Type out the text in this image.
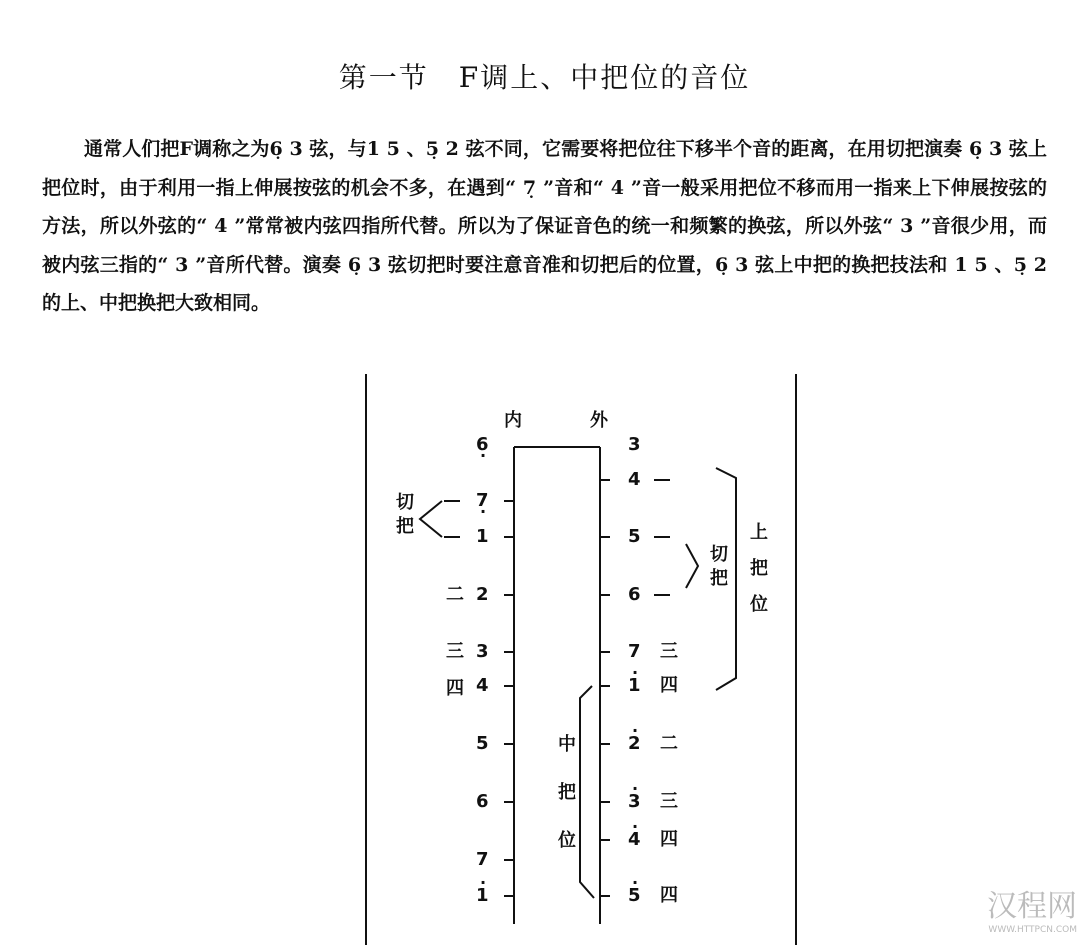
第一节　F调上、中把位的音位

通常人们把F调称之为6̣ 3 弦，与1 5 、5̣ 2 弦不同，它需要将把位往下移半个音的距离，在用切把演奏 6̣ 3 弦上把位时，由于利用一指上伸展按弦的机会不多，在遇到“ 7̣ ”音和“ 4 ”音一般采用把位不移而用一指来上下伸展按弦的方法，所以外弦的“ 4 ”常常被内弦四指所代替。所以为了保证音色的统一和频繁的换弦，所以外弦“ 3 ”音很少用，而被内弦三指的“ 3 ”音所代替。演奏 6̣ 3 弦切把时要注意音准和切把后的位置，6̣ 3 弦上中把的换把技法和 1 5 、5̣ 2 的上、中把换把大致相同。

内	外
6 ·	3
7 ·
1
2
3
4
5
6
7
· 1
4
5
6
7
· 1
· 2
· 3
· 4
· 5
二
三
四
三
四
二
三
四
四
切把
切把 上把位
中把位
汉程网
WWW.HTTPCN.COM
